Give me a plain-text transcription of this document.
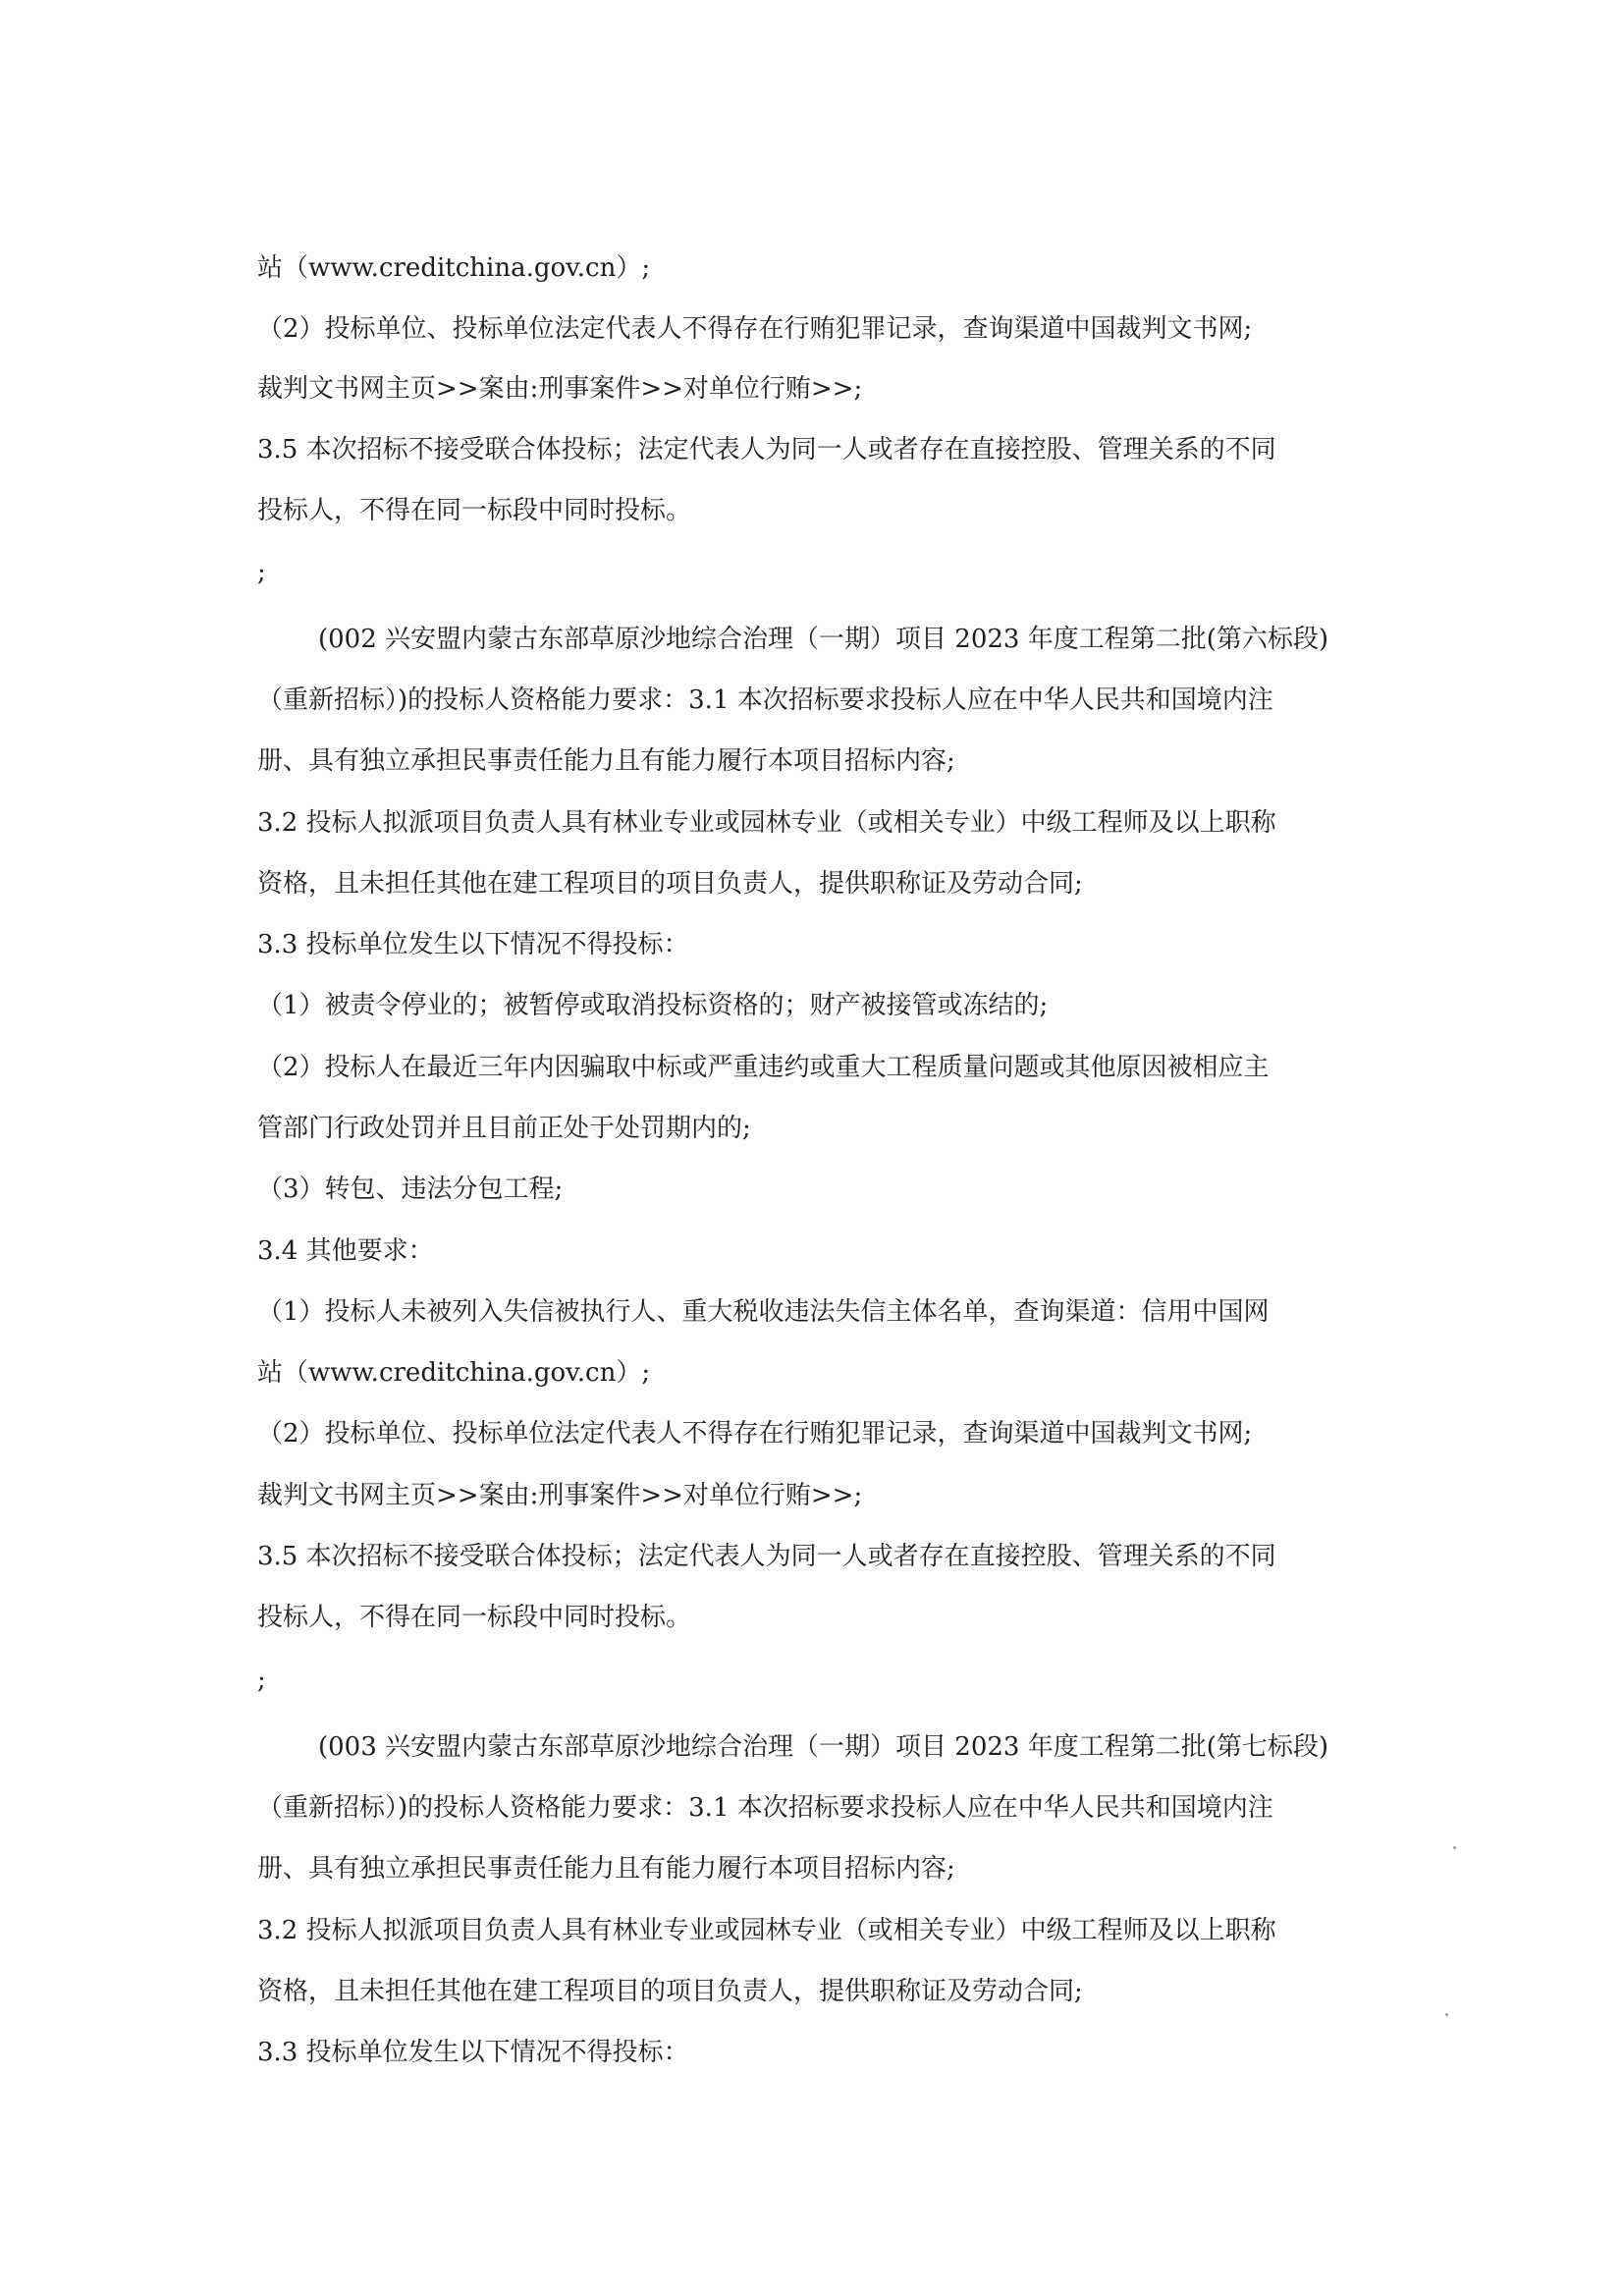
站（www.creditchina.gov.cn）;
（2）投标单位、投标单位法定代表人不得存在行贿犯罪记录，查询渠道中国裁判文书网;
裁判文书网主页>>案由:刑事案件>>对单位行贿>>;
3.5 本次招标不接受联合体投标；法定代表人为同一人或者存在直接控股、管理关系的不同
投标人，不得在同一标段中同时投标。
;
(002 兴安盟内蒙古东部草原沙地综合治理（一期）项目 2023 年度工程第二批(第六标段)
（重新招标）)的投标人资格能力要求：3.1 本次招标要求投标人应在中华人民共和国境内注
册、具有独立承担民事责任能力且有能力履行本项目招标内容;
3.2 投标人拟派项目负责人具有林业专业或园林专业（或相关专业）中级工程师及以上职称
资格，且未担任其他在建工程项目的项目负责人，提供职称证及劳动合同;
3.3 投标单位发生以下情况不得投标：
（1）被责令停业的；被暂停或取消投标资格的；财产被接管或冻结的;
（2）投标人在最近三年内因骗取中标或严重违约或重大工程质量问题或其他原因被相应主
管部门行政处罚并且目前正处于处罚期内的;
（3）转包、违法分包工程;
3.4 其他要求：
（1）投标人未被列入失信被执行人、重大税收违法失信主体名单，查询渠道：信用中国网
站（www.creditchina.gov.cn）;
（2）投标单位、投标单位法定代表人不得存在行贿犯罪记录，查询渠道中国裁判文书网;
裁判文书网主页>>案由:刑事案件>>对单位行贿>>;
3.5 本次招标不接受联合体投标；法定代表人为同一人或者存在直接控股、管理关系的不同
投标人，不得在同一标段中同时投标。
;
(003 兴安盟内蒙古东部草原沙地综合治理（一期）项目 2023 年度工程第二批(第七标段)
（重新招标）)的投标人资格能力要求：3.1 本次招标要求投标人应在中华人民共和国境内注
册、具有独立承担民事责任能力且有能力履行本项目招标内容;
3.2 投标人拟派项目负责人具有林业专业或园林专业（或相关专业）中级工程师及以上职称
资格，且未担任其他在建工程项目的项目负责人，提供职称证及劳动合同;
3.3 投标单位发生以下情况不得投标：
